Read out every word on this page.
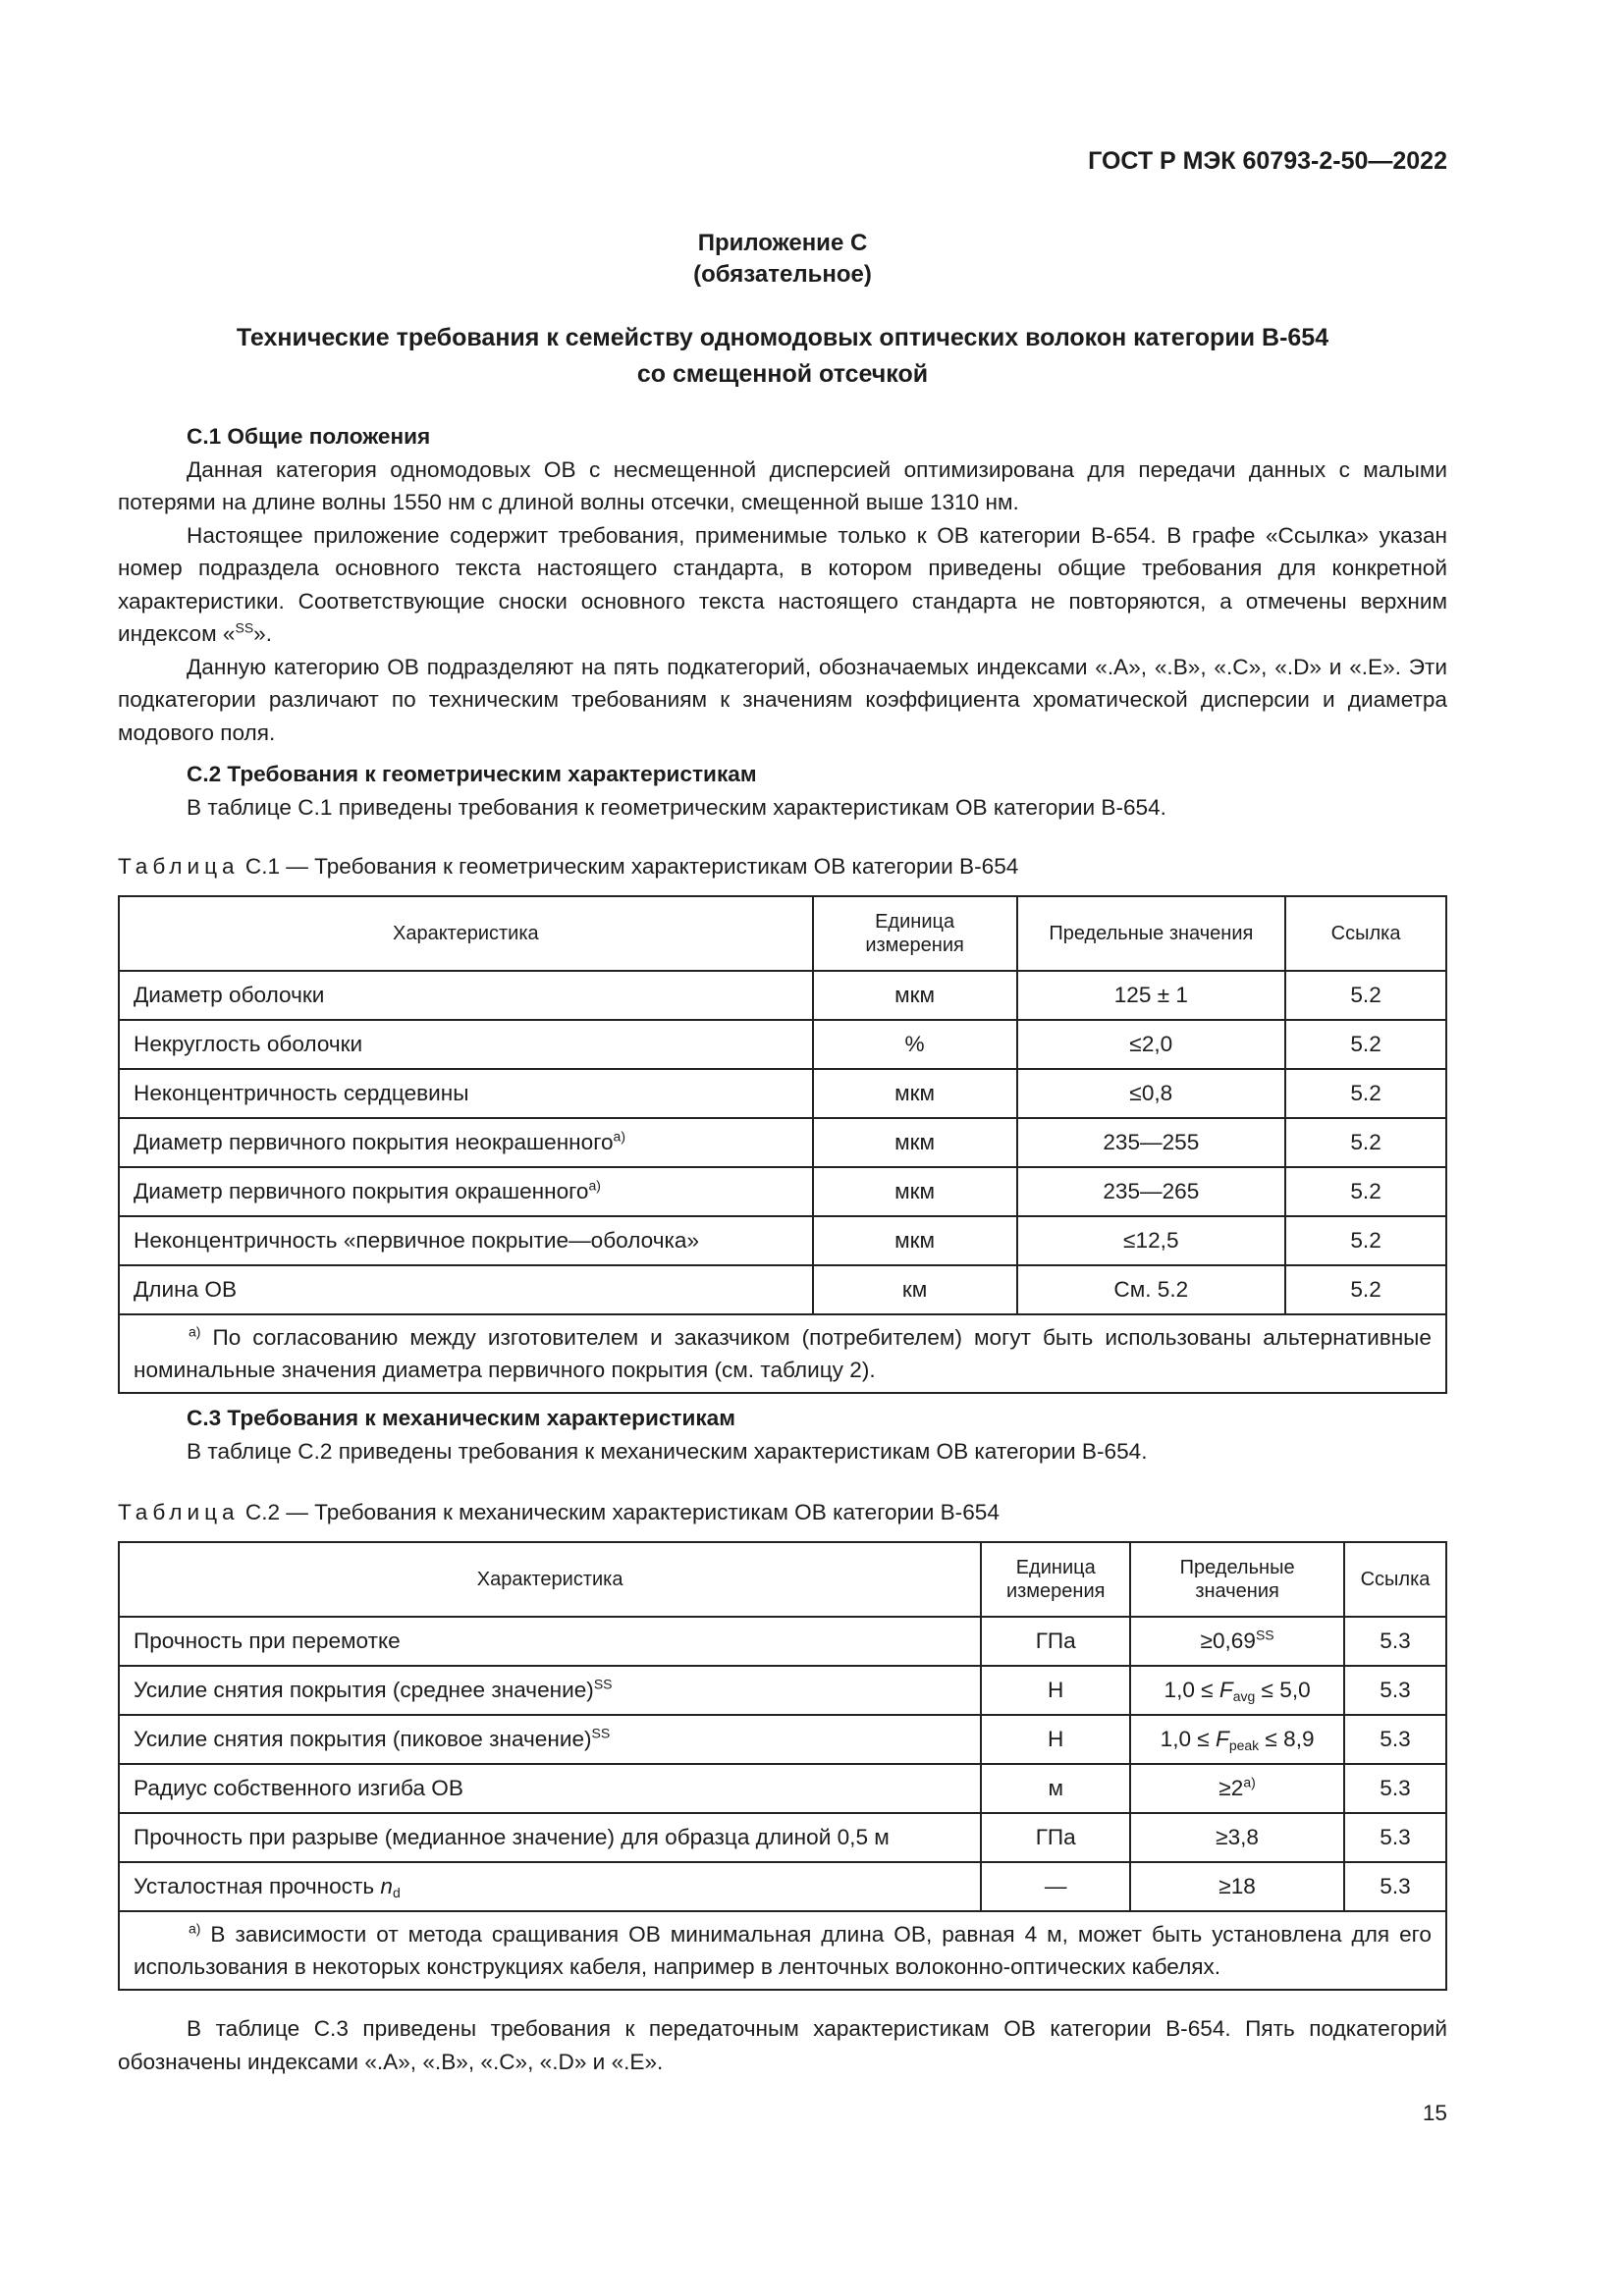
ГОСТ Р МЭК 60793-2-50—2022
Приложение С
(обязательное)
Технические требования к семейству одномодовых оптических волокон категории В-654
со смещенной отсечкой

С.1 Общие положения

Данная категория одномодовых ОВ с несмещенной дисперсией оптимизирована для передачи данных с малыми потерями на длине волны 1550 нм с длиной волны отсечки, смещенной выше 1310 нм.

Настоящее приложение содержит требования, применимые только к ОВ категории В-654. В графе «Ссылка» указан номер подраздела основного текста настоящего стандарта, в котором приведены общие требования для конкретной характеристики. Соответствующие сноски основного текста настоящего стандарта не повторяются, а отмечены верхним индексом «$^{SS}$».

Данную категорию ОВ подразделяют на пять подкатегорий, обозначаемых индексами «.А», «.В», «.С», «.D» и «.Е». Эти подкатегории различают по техническим требованиям к значениям коэффициента хроматической дисперсии и диаметра модового поля.

С.2 Требования к геометрическим характеристикам

В таблице С.1 приведены требования к геометрическим характеристикам ОВ категории В-654.

Таблица С.1 — Требования к геометрическим характеристикам ОВ категории В-654
Характеристика	Единица измерения	Предельные значения	Ссылка
Диаметр оболочки	мкм	125 ± 1	5.2
Некруглость оболочки	%	≤2,0	5.2
Неконцентричность сердцевины	мкм	≤0,8	5.2
Диаметр первичного покрытия неокрашенного$^{а)}$	мкм	235—255	5.2
Диаметр первичного покрытия окрашенного$^{а)}$	мкм	235—265	5.2
Неконцентричность «первичное покрытие—оболочка»	мкм	≤12,5	5.2
Длина ОВ	км	См. 5.2	5.2
$^{а)}$ По согласованию между изготовителем и заказчиком (потребителем) могут быть использованы альтернативные номинальные значения диаметра первичного покрытия (см. таблицу 2).			

С.3 Требования к механическим характеристикам

В таблице С.2 приведены требования к механическим характеристикам ОВ категории В-654.

Таблица С.2 — Требования к механическим характеристикам ОВ категории В-654
Характеристика	Единица измерения	Предельные значения	Ссылка
Прочность при перемотке	ГПа	$\ge 0,69^{SS}$	5.3
Усилие снятия покрытия (среднее значение)$^{SS}$	Н	$1,0 \le F_{avg} \le 5,0$	5.3
Усилие снятия покрытия (пиковое значение)$^{SS}$	Н	$1,0 \le F_{peak} \le 8,9$	5.3
Радиус собственного изгиба ОВ	м	$\ge 2^{а)}$	5.3
Прочность при разрыве (медианное значение) для образца длиной 0,5 м	ГПа	≥3,8	5.3
Усталостная прочность $n_d$	—	≥18	5.3
$^{а)}$ В зависимости от метода сращивания ОВ минимальная длина ОВ, равная 4 м, может быть установлена для его использования в некоторых конструкциях кабеля, например в ленточных волоконно-оптических кабелях.			

В таблице С.3 приведены требования к передаточным характеристикам ОВ категории В-654. Пять подкатегорий обозначены индексами «.А», «.В», «.С», «.D» и «.Е».

15
